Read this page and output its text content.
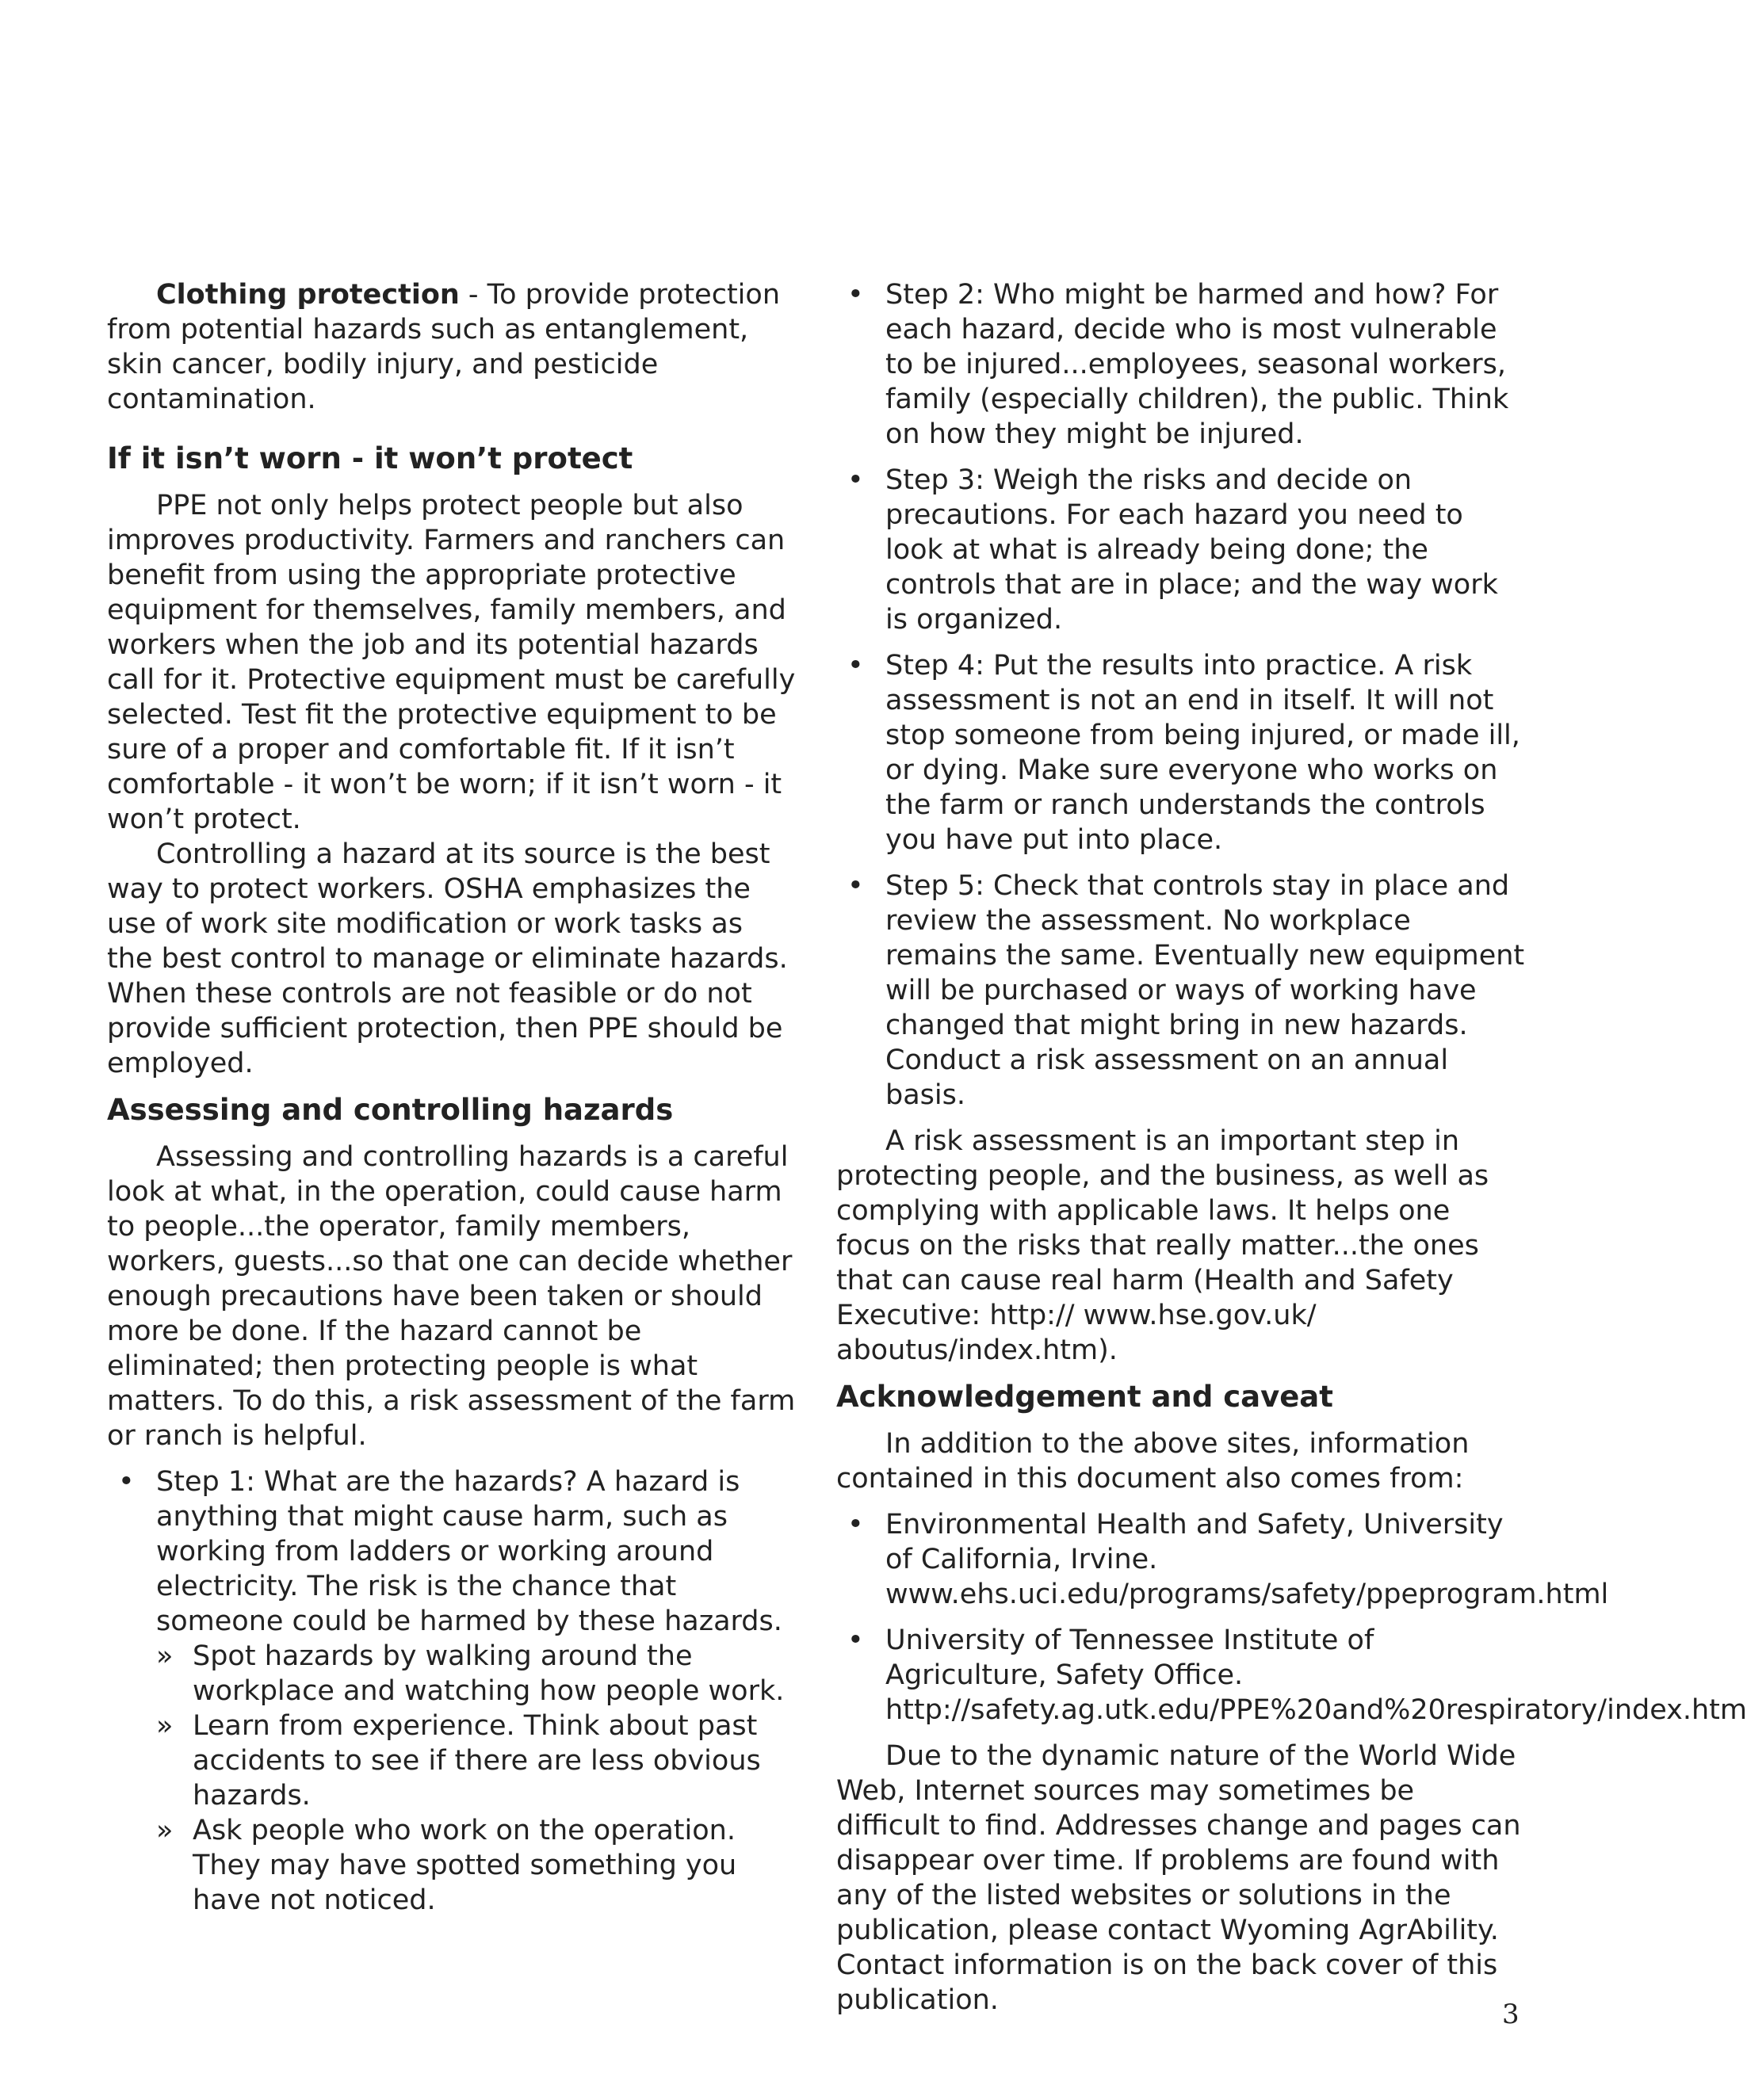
Clothing protection - To provide protection from potential hazards such as entanglement, skin cancer, bodily injury, and pesticide contamination.

If it isn’t worn - it won’t protect

PPE not only helps protect people but also improves productivity. Farmers and ranchers can benefit from using the appropriate protective equipment for themselves, family members, and workers when the job and its potential hazards call for it. Protective equipment must be carefully selected. Test fit the protective equipment to be sure of a proper and comfortable fit. If it isn’t comfortable - it won’t be worn; if it isn’t worn - it won’t protect.

Controlling a hazard at its source is the best way to protect workers. OSHA emphasizes the use of work site modification or work tasks as the best control to manage or eliminate hazards. When these controls are not feasible or do not provide sufficient protection, then PPE should be employed.

Assessing and controlling hazards

Assessing and controlling hazards is a careful look at what, in the operation, could cause harm to people...the operator, family members, workers, guests...so that one can decide whether enough precautions have been taken or should more be done. If the hazard cannot be eliminated; then protecting people is what matters. To do this, a risk assessment of the farm or ranch is helpful.

• Step 1: What are the hazards? A hazard is anything that might cause harm, such as working from ladders or working around electricity. The risk is the chance that someone could be harmed by these hazards.
» Spot hazards by walking around the workplace and watching how people work.
» Learn from experience. Think about past accidents to see if there are less obvious hazards.
» Ask people who work on the operation. They may have spotted something you have not noticed.
• Step 2: Who might be harmed and how? For each hazard, decide who is most vulnerable to be injured...employees, seasonal workers, family (especially children), the public. Think on how they might be injured.
• Step 3: Weigh the risks and decide on precautions. For each hazard you need to look at what is already being done; the controls that are in place; and the way work is organized.
• Step 4: Put the results into practice. A risk assessment is not an end in itself. It will not stop someone from being injured, or made ill, or dying. Make sure everyone who works on the farm or ranch understands the controls you have put into place.
• Step 5: Check that controls stay in place and review the assessment. No workplace remains the same. Eventually new equipment will be purchased or ways of working have changed that might bring in new hazards. Conduct a risk assessment on an annual basis.

A risk assessment is an important step in protecting people, and the business, as well as complying with applicable laws. It helps one focus on the risks that really matter...the ones that can cause real harm (Health and Safety Executive: http:// www.hse.gov.uk/ aboutus/index.htm).

Acknowledgement and caveat

In addition to the above sites, information contained in this document also comes from:

• Environmental Health and Safety, University of California, Irvine. www.ehs.uci.edu/programs/safety/ppeprogram.html
• University of Tennessee Institute of Agriculture, Safety Office. http://safety.ag.utk.edu/PPE%20and%20respiratory/index.htm

Due to the dynamic nature of the World Wide Web, Internet sources may sometimes be difficult to find. Addresses change and pages can disappear over time. If problems are found with any of the listed websites or solutions in the publication, please contact Wyoming AgrAbility. Contact information is on the back cover of this publication.	3
